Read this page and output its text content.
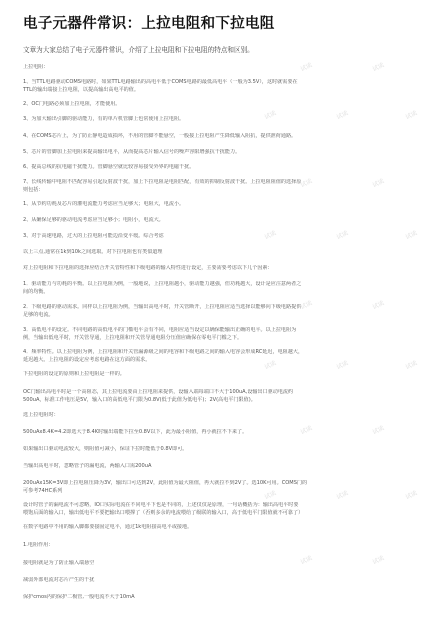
电子元器件常识：上拉电阻和下拉电阻
文章为大家总结了电子元器件常识，介绍了上拉电阻和下拉电阻的特点和区别。
上拉电阻：
1、当TTL电路驱动COMS电路时，如果TTL电路输出的高电平低于COMS电路的最低高电平（一般为3.5V），这时就需要在
TTL的输出端接上拉电阻，以提高输出高电平的值。
2、OC门电路必须加上拉电阻，才能使用。
3、为加大输出引脚的驱动能力，有的单片机管脚上也常使用上拉电阻。
4、在COMS芯片上，为了防止静电造成损坏，不用的管脚不能悬空，一般接上拉电阻产生降低输入阻抗，提供泄荷通路。
5、芯片的管脚加上拉电阻来提高输出电平，从而提高芯片输入信号的噪声容限增强抗干扰能力。
6、提高总线的抗电磁干扰能力。管脚悬空就比较容易接受外界的电磁干扰。
7、长线传输中电阻不匹配容易引起反射波干扰，加上下拉电阻是电阻匹配，有效的抑制反射波干扰。上拉电阻阻值的选择原
则包括：
1、从节约功耗及芯片的灌电流能力考虑应当足够大；电阻大，电流小。
2、从确保足够的驱动电流考虑应当足够小；电阻小，电流大。
3、对于高速电路，过大的上拉电阻可能边沿变平缓。综合考虑
以上三点,通常在1k到10k之间选取。对下拉电阻也有类似道理
对上拉电阻和下拉电阻的选择应结合开关管特性和下级电路的输入特性进行设定，主要需要考虑以下几个因素：
1．驱动能力与功耗的平衡。以上拉电阻为例，一般地说，上拉电阻越小，驱动能力越强，但功耗越大，设计是应注意两者之
间的均衡。
2．下级电路的驱动需求。同样以上拉电阻为例，当输出高电平时，开关管断开，上拉电阻应适当选择以能够向下级电路提供
足够的电流。
3．高低电平的设定。不同电路的高低电平的门槛电平会有不同，电阻应适当设定以确保能输出正确的电平。以上拉电阻为
例，当输出低电平时，开关管导通，上拉电阻和开关管导通电阻分压值应确保在零电平门槛之下。
4．频率特性。以上拉电阻为例，上拉电阻和开关管漏源级之间的电容和下级电路之间的输入电容会形成RC延迟，电阻越大，
延迟越大。上拉电阻的设定应考虑电路在这方面的需求。
下拉电阻的设定的原则和上拉电阻是一样的。
OC门输出高电平时是一个高阻态，其上拉电流要由上拉电阻来提供，设输入端每端口不大于100uA,设输出口驱动电流约
500uA，标准工作电压是5V，输入口的高低电平门限为0.8V(低于此值为低电平)；2V(高电平门限值)。
选上拉电阻时：
500uAx8.4K=4.2即选大于8.4K时输出端能下拉至0.8V以下，此为最小阻值，再小就拉不下来了。
如果输出口驱动电流较大，则阻值可减小，保证下拉时能低于0.8V即可。
当输出高电平时，忽略管子的漏电流，两输入口需200uA
200uAx15K=3V即上拉电阻压降为3V，输出口可达到2V，此阻值为最大阻值，再大就拉不到2V了。选10K可用。COMS门的
可参考74HC系列
设计时管子的漏电流不可忽略，IO口实际电流在不同电平下也是不同的，上述仅仅是原理，一句话概括为：输出高电平时要
喂饱后面的输入口，输出低电平不要把输出口喂撑了（否则多余的电流喂给了级联的输入口，高于低电平门限值就不可靠了）
在数字电路中不用的输入脚都要接固定电平，通过1k电阻接高电平或接地。
1.电阻作用：
接电阻就是为了防止输入端悬空
减弱外部电流对芯片产生的干扰
保护cmos内的保护二极管,一般电流不大于10mA
试读	试读
试读	试读	试读
试读	试读
试读	试读	试读
试读	试读
试读	试读	试读
试读	试读
试读	试读	试读
试读	试读
